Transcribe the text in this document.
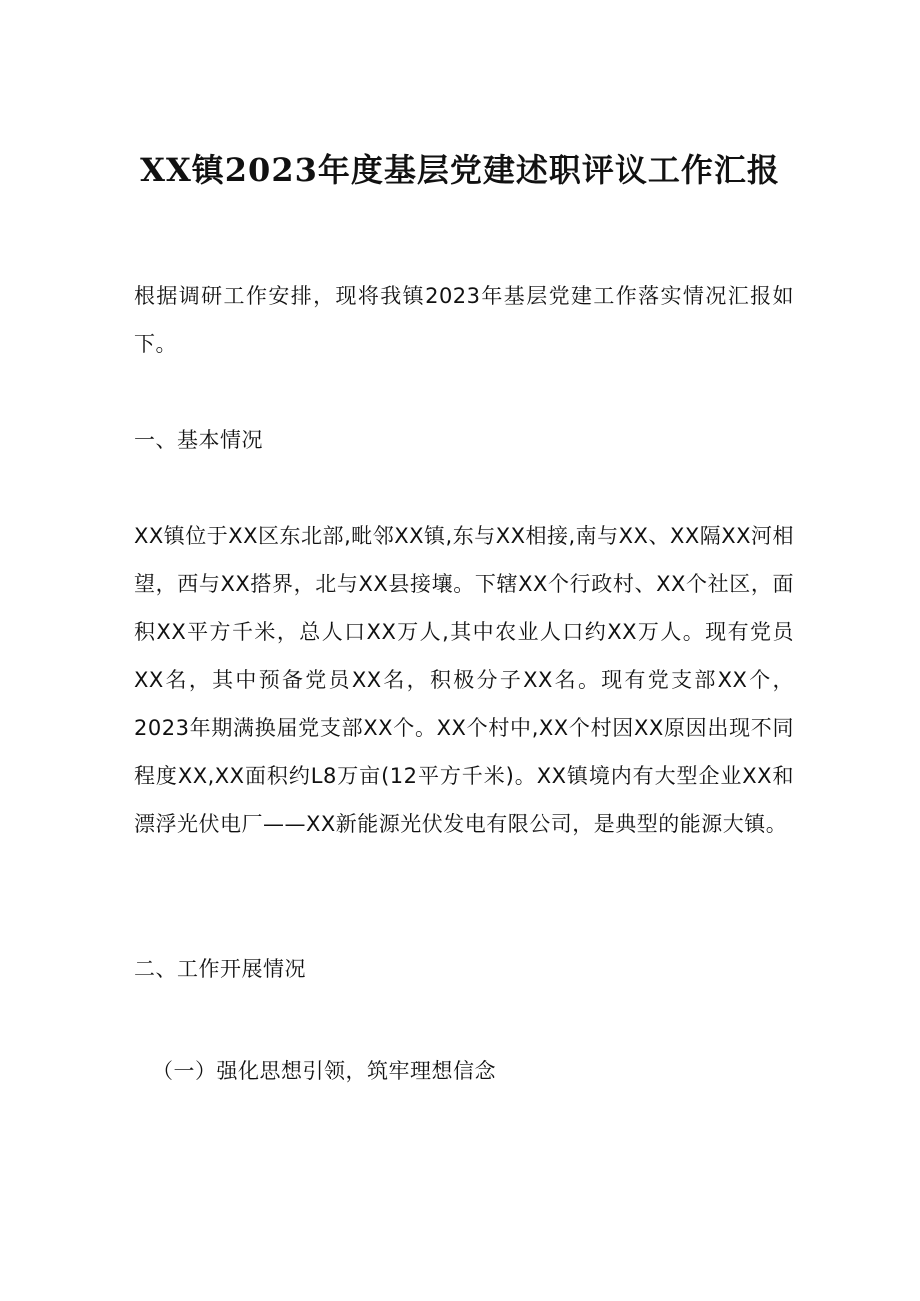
XX镇2023年度基层党建述职评议工作汇报
根据调研工作安排，现将我镇2023年基层党建工作落实情况汇报如下。
一、基本情况
XX镇位于XX区东北部,毗邻XX镇,东与XX相接,南与XX、XX隔XX河相望，西与XX搭界，北与XX县接壤。下辖XX个行政村、XX个社区，面积XX平方千米，总人口XX万人,其中农业人口约XX万人。现有党员XX名，其中预备党员XX名，积极分子XX名。现有党支部XX个，2023年期满换届党支部XX个。XX个村中,XX个村因XX原因出现不同程度XX,XX面积约L8万亩(12平方千米)。XX镇境内有大型企业XX和漂浮光伏电厂——XX新能源光伏发电有限公司，是典型的能源大镇。
二、工作开展情况
（一）强化思想引领，筑牢理想信念
